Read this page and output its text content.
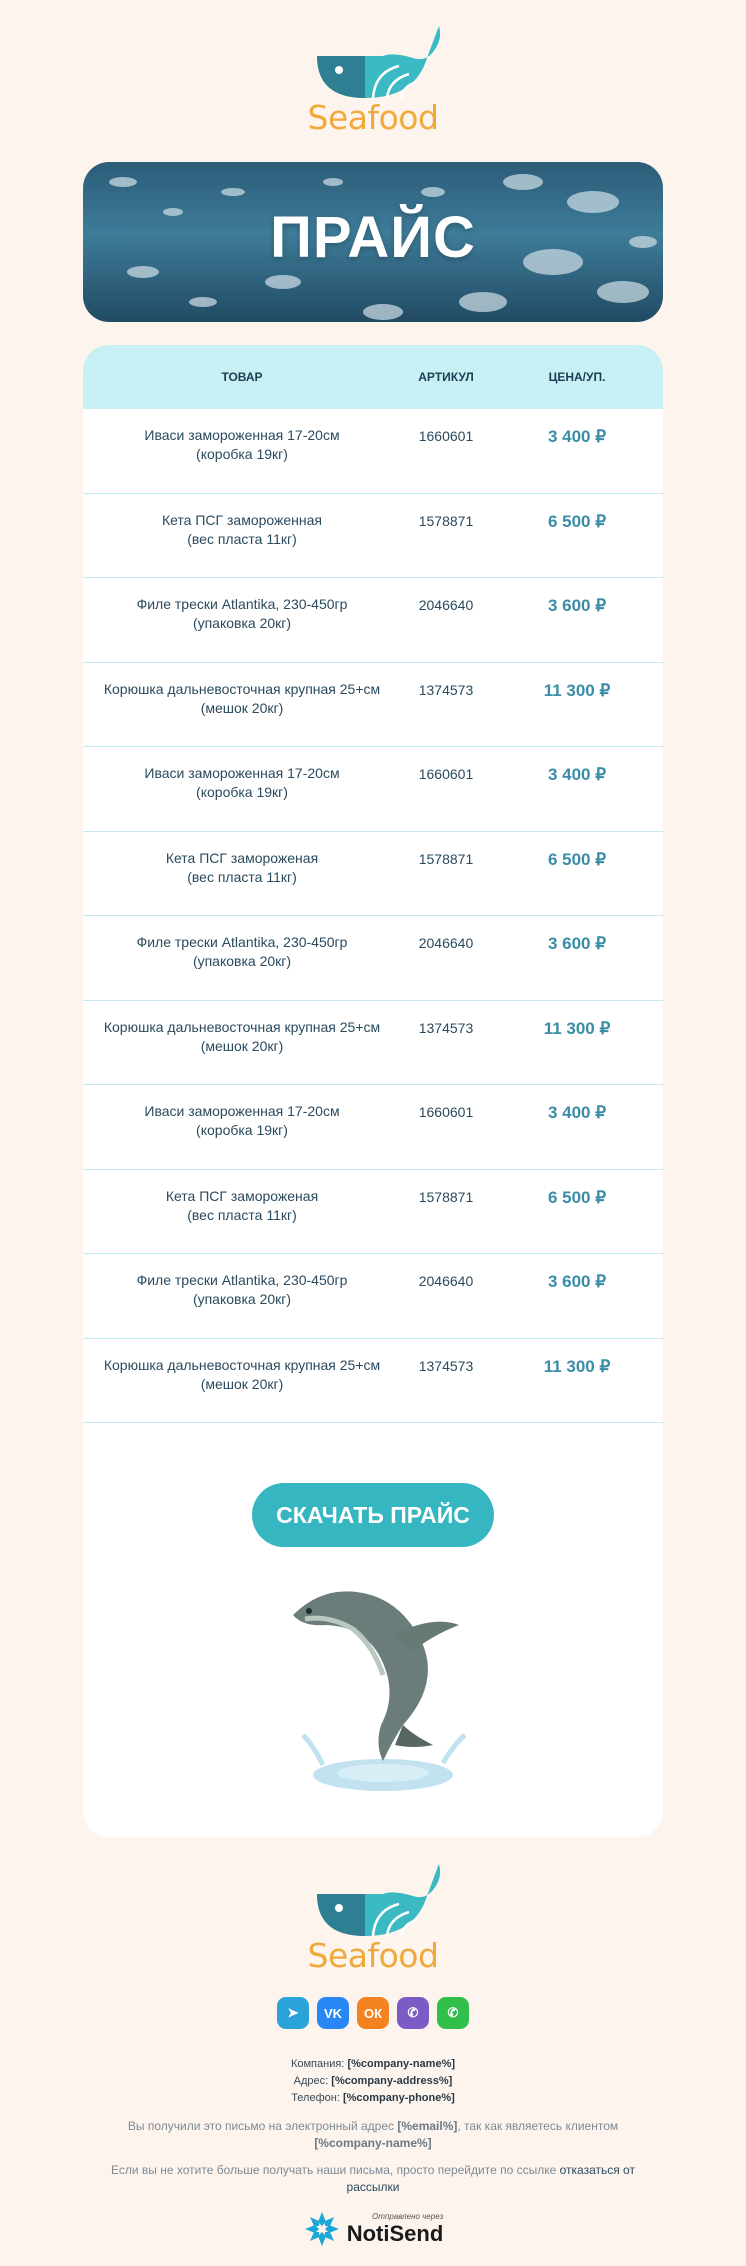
Seafood
ПРАЙС
ТОВАР	АРТИКУЛ	ЦЕНА/УП.
Иваси замороженная 17-20см
(коробка 19кг)
1660601	3 400 ₽
Кета ПСГ замороженная
(вес пласта 11кг)
1578871	6 500 ₽
Филе трески Atlantika, 230-450гр
(упаковка 20кг)
2046640	3 600 ₽
Корюшка дальневосточная крупная 25+см
(мешок 20кг)
1374573	11 300 ₽
Иваси замороженная 17-20см
(коробка 19кг)
1660601	3 400 ₽
Кета ПСГ замороженая
(вес пласта 11кг)
1578871	6 500 ₽
Филе трески Atlantika, 230-450гр
(упаковка 20кг)
2046640	3 600 ₽
Корюшка дальневосточная крупная 25+см
(мешок 20кг)
1374573	11 300 ₽
Иваси замороженная 17-20см
(коробка 19кг)
1660601	3 400 ₽
Кета ПСГ замороженая
(вес пласта 11кг)
1578871	6 500 ₽
Филе трески Atlantika, 230-450гр
(упаковка 20кг)
2046640	3 600 ₽
Корюшка дальневосточная крупная 25+см
(мешок 20кг)
1374573	11 300 ₽
СКАЧАТЬ ПРАЙС
Seafood
➤	VK	ОК	✆	✆
Компания: [%company-name%]
Адрес: [%company-address%]
Телефон: [%company-phone%]
Вы получили это письмо на электронный адрес [%email%], так как являетесь клиентом [%company-name%]
Если вы не хотите больше получать наши письма, просто перейдите по ссылке отказаться от рассылки
Отправлено через
NotiSend
